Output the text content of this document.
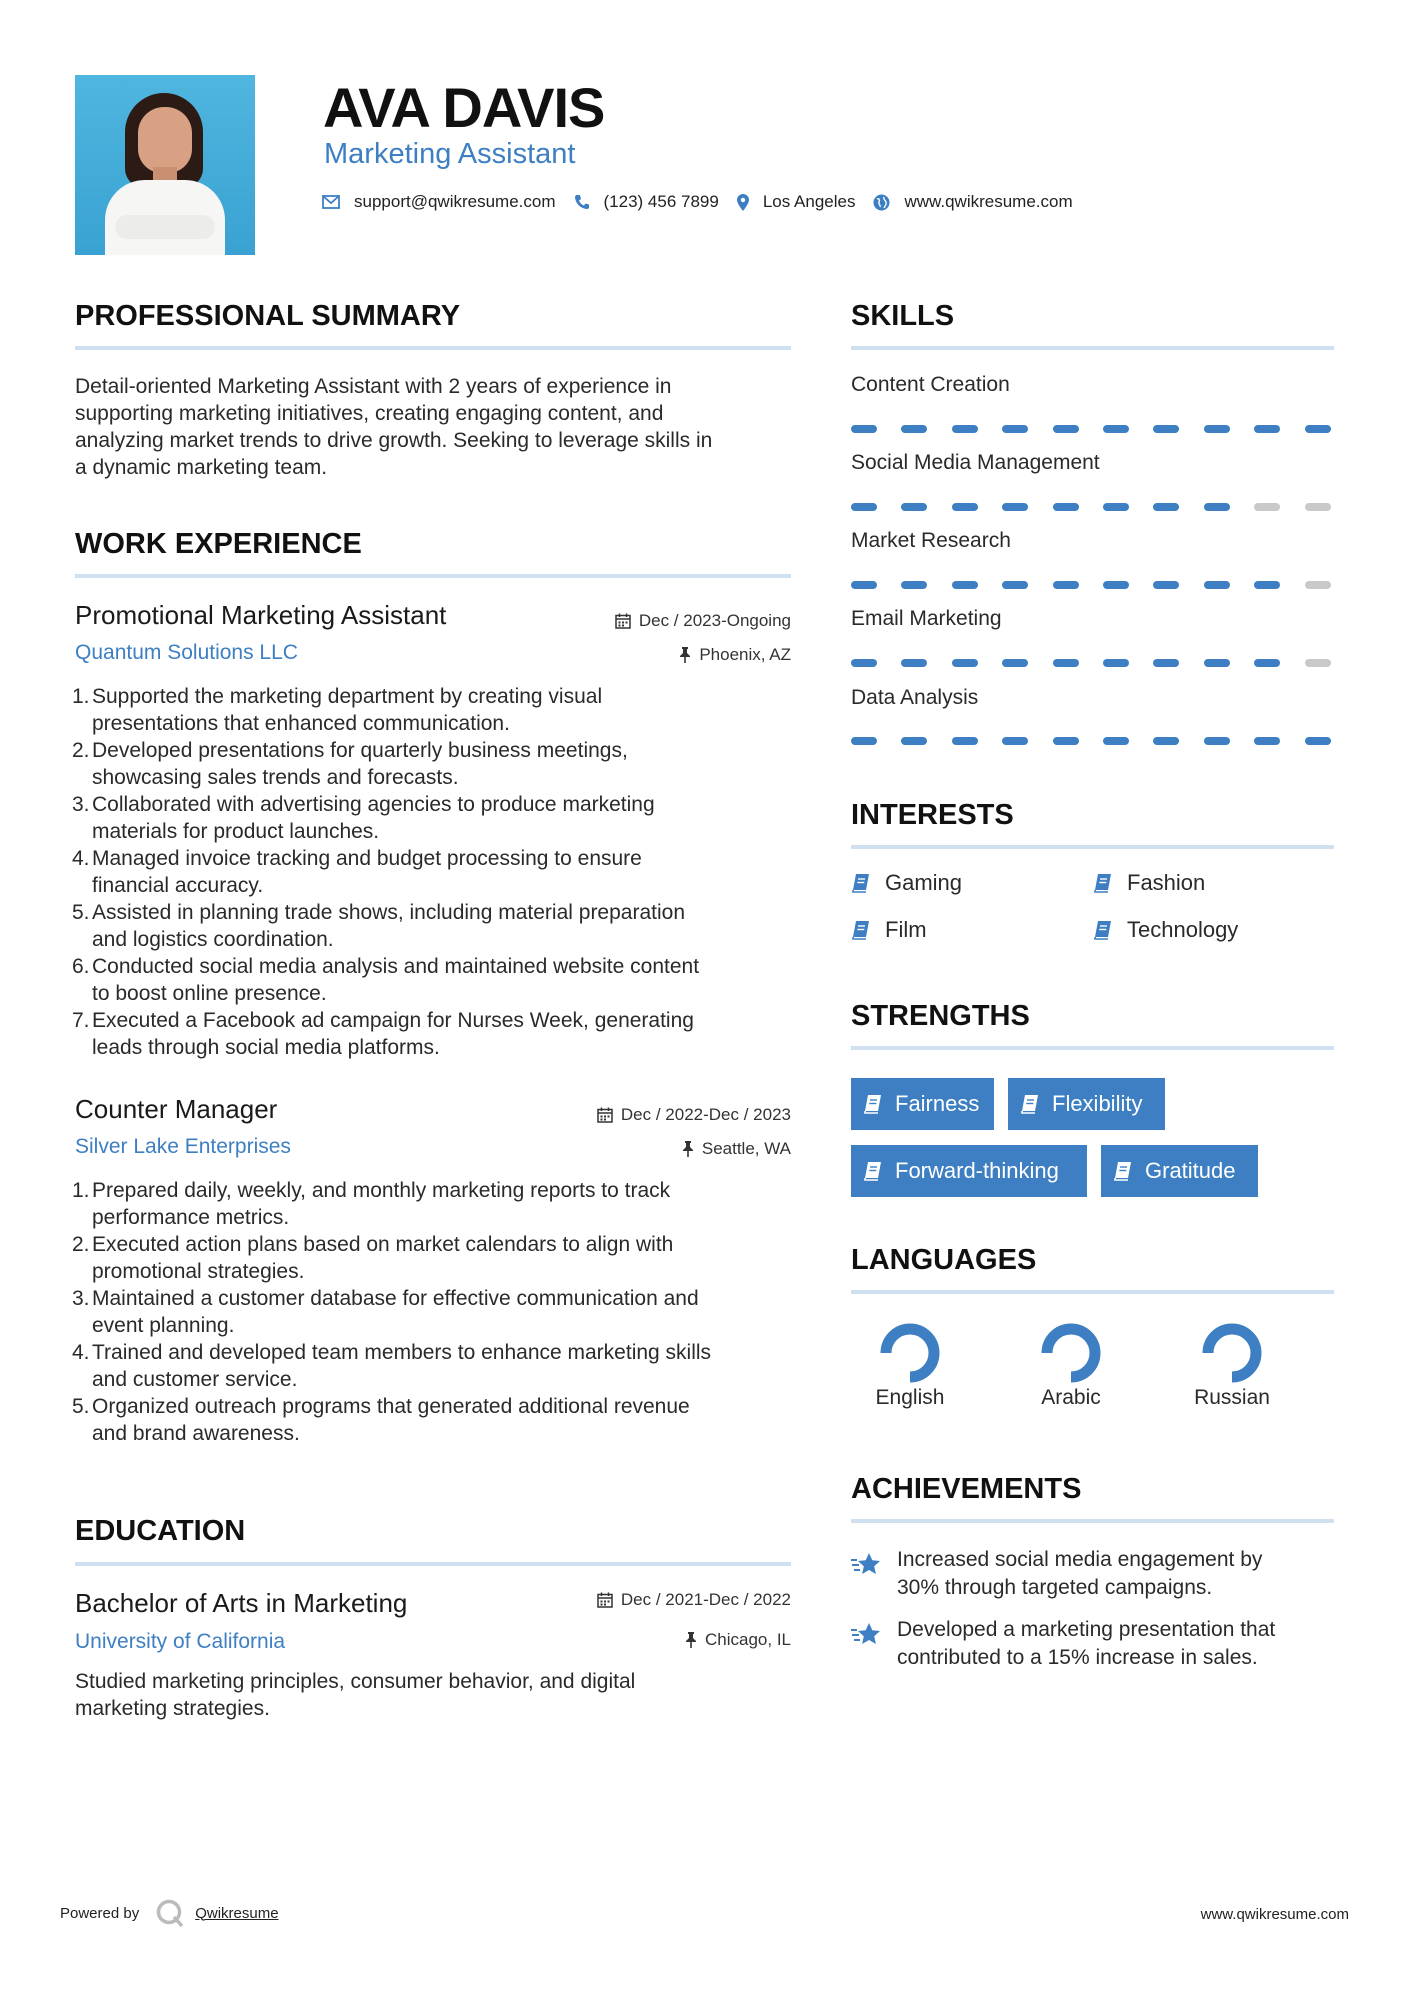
AVA DAVIS
Marketing Assistant
support@qwikresume.com	(123) 456 7899	Los Angeles	www.qwikresume.com
PROFESSIONAL SUMMARY
Detail-oriented Marketing Assistant with 2 years of experience in
supporting marketing initiatives, creating engaging content, and
analyzing market trends to drive growth. Seeking to leverage skills in
a dynamic marketing team.
WORK EXPERIENCE
Promotional Marketing Assistant
Quantum Solutions LLC
Dec / 2023-Ongoing
Phoenix, AZ
1. Supported the marketing department by creating visual
presentations that enhanced communication.
2. Developed presentations for quarterly business meetings,
showcasing sales trends and forecasts.
3. Collaborated with advertising agencies to produce marketing
materials for product launches.
4. Managed invoice tracking and budget processing to ensure
financial accuracy.
5. Assisted in planning trade shows, including material preparation
and logistics coordination.
6. Conducted social media analysis and maintained website content
to boost online presence.
7. Executed a Facebook ad campaign for Nurses Week, generating
leads through social media platforms.
Counter Manager
Silver Lake Enterprises
Dec / 2022-Dec / 2023
Seattle, WA
1. Prepared daily, weekly, and monthly marketing reports to track
performance metrics.
2. Executed action plans based on market calendars to align with
promotional strategies.
3. Maintained a customer database for effective communication and
event planning.
4. Trained and developed team members to enhance marketing skills
and customer service.
5. Organized outreach programs that generated additional revenue
and brand awareness.
EDUCATION
Bachelor of Arts in Marketing
University of California
Dec / 2021-Dec / 2022
Chicago, IL
Studied marketing principles, consumer behavior, and digital
marketing strategies.
SKILLS
Content Creation
Social Media Management
Market Research
Email Marketing
Data Analysis
INTERESTS
Gaming	Fashion
Film	Technology
STRENGTHS
Fairness	Flexibility
Forward-thinking	Gratitude
LANGUAGES
English	Arabic	Russian
ACHIEVEMENTS
Increased social media engagement by
30% through targeted campaigns.
Developed a marketing presentation that
contributed to a 15% increase in sales.
Powered by	Qwikresume	www.qwikresume.com
